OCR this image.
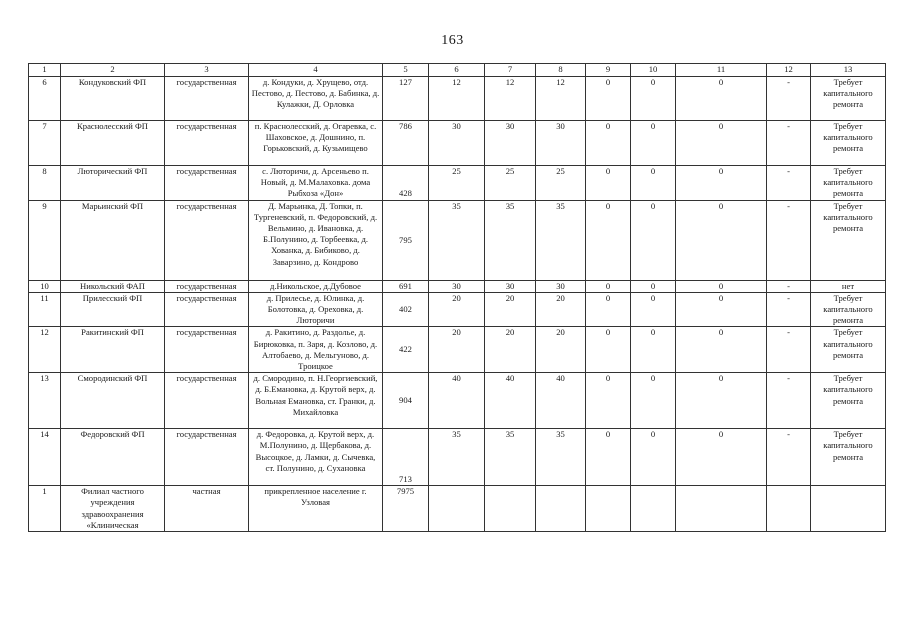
163
1	2	3	4	5	6	7	8	9	10	11	12	13
6	Кондуковский ФП	государственная	д. Кондуки, д. Хрущево, отд. Пестово, д. Пестово, д. Бабинка, д. Кулажки, Д. Орловка	127	12	12	12	0	0	0	-	Требует капитального ремонта
7	Краснолесский ФП	государственная	п. Краснолесский, д. Огаревка, с. Шаховское, д. Дошнино, п. Горьковский, д. Кузьмищево	786	30	30	30	0	0	0	-	Требует капитального ремонта
8	Лютоpический ФП	государственная	с. Люторичи, д. Арсеньево п. Новый, д. М.Малаховка. дома Рыбхоза «Дон»	428	25	25	25	0	0	0	-	Требует капитального ремонта
9	Марьинский ФП	государственная	Д. Марьинка, Д. Топки, п. Тургеневский, п. Федоровский, д. Вельмино, д. Ивановка, д. Б.Полунино, д. Торбеевка, д. Хованка, д. Бибиково, д. Заварзино, д. Кондрово	795	35	35	35	0	0	0	-	Требует капитального ремонта
10	Никольский ФАП	государственная	д.Никольское, д.Дубовое	691	30	30	30	0	0	0	-	нет
11	Прилесский ФП	государственная	д. Прилесье, д. Юлинка, д. Болотовка, д. Ореховка, д. Люторичи	402	20	20	20	0	0	0	-	Требует капитального ремонта
12	Ракитинский ФП	государственная	д. Ракитино, д. Раздолье, д. Бирюковка, п. Заря, д. Козлово, д. Алтобаево, д. Мельгуново, д. Троицкое	422	20	20	20	0	0	0	-	Требует капитального ремонта
13	Смородинский ФП	государственная	д. Смородино, п. Н.Георгиевский, д. Б.Емановка, д. Крутой верх, д. Вольная Емановка, ст. Гранки, д. Михайловка	904	40	40	40	0	0	0	-	Требует капитального ремонта
14	Федоровский ФП	государственная	д. Федоровка, д. Крутой верх, д. М.Полунино, д. Щербакова, д. Высоцкое, д. Ламки, д. Сычевка, ст. Полунино, д. Сухановка	713	35	35	35	0	0	0	-	Требует капитального ремонта
1	Филиал частного учреждения здравоохранения «Клиническая	частная	прикрепленное население г. Узловая	7975								
